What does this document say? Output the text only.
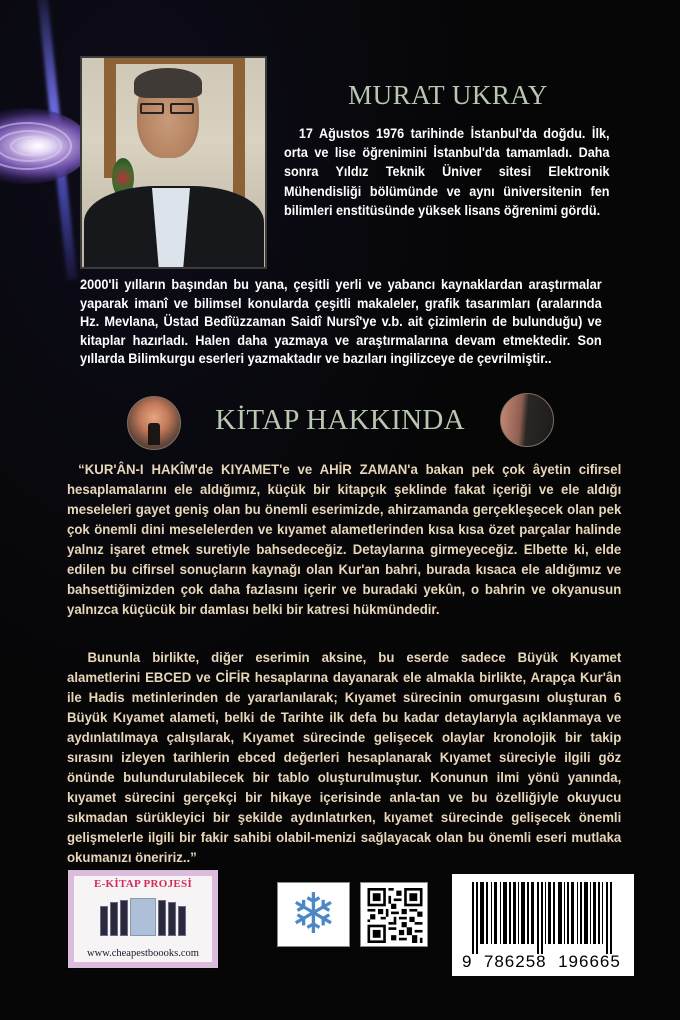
MURAT UKRAY

17 Ağustos 1976 tarihinde İstanbul'da doğdu. İlk, orta ve lise öğrenimini İstanbul'da tamamladı. Daha sonra Yıldız Teknik Üniver sitesi Elektronik Mühendisliği bölümünde ve aynı üniversitenin fen bilimleri enstitüsünde yüksek lisans öğrenimi gördü.

2000'li yılların başından bu yana, çeşitli yerli ve yabancı kaynaklardan araştırmalar yaparak imanî ve bilimsel konularda çeşitli makaleler, grafik tasarımları (aralarında Hz. Mevlana, Üstad Bedîüzzaman Saidî Nursî'ye v.b. ait çizimlerin de bulunduğu) ve kitaplar hazırladı. Halen daha yazmaya ve araştırmalarına devam etmektedir. Son yıllarda Bilimkurgu eserleri yazmaktadır ve bazıları ingilizceye de çevrilmiştir..

KİTAP HAKKINDA

“KUR'ÂN-I HAKÎM'de KIYAMET'e ve AHİR ZAMAN'a bakan pek çok âyetin cifirsel hesaplamalarını ele aldığımız, küçük bir kitapçık şeklinde fakat içeriği ve ele aldığı meseleleri gayet geniş olan bu önemli eserimizde, ahirzamanda gerçekleşecek olan pek çok önemli dini meselelerden ve kıyamet alametlerinden kısa kısa özet parçalar halinde yalnız işaret etmek suretiyle bahsedeceğiz. Detaylarına girmeyeceğiz. Elbette ki, elde edilen bu cifirsel sonuçların kaynağı olan Kur'an bahri, burada kısaca ele aldığımız ve bahsettiğimizden çok daha fazlasını içerir ve buradaki yekûn, o bahrin ve okyanusun yalnızca küçücük bir damlası belki bir katresi hükmündedir.

Bununla birlikte, diğer eserimin aksine, bu eserde sadece Büyük Kıyamet alametlerini EBCED ve CİFİR hesaplarına dayanarak ele almakla birlikte, Arapça Kur'ân ile Hadis metinlerinden de yararlanılarak; Kıyamet sürecinin omurgasını oluşturan 6 Büyük Kıyamet alameti, belki de Tarihte ilk defa bu kadar detaylarıyla açıklanmaya ve aydınlatılmaya çalışılarak, Kıyamet sürecinde gelişecek olaylar kronolojik bir takip sırasını izleyen tarihlerin ebced değerleri hesaplanarak Kıyamet süreciyle ilgili göz önünde bulundurulabilecek bir tablo oluşturulmuştur. Konunun ilmi yönü yanında, kıyamet sürecini gerçekçi bir hikaye içerisinde anla-tan ve bu özelliğiyle okuyucu sıkmadan sürükleyici bir şekilde aydınlatırken, kıyamet sürecinde gelişecek önemli gelişmelerle ilgili bir fakir sahibi olabil-menizi sağlayacak olan bu önemli eseri mutlaka okumanızı öneririz..”

E-KİTAP PROJESİ
www.cheapestboooks.com
❄
9  786258  196665
